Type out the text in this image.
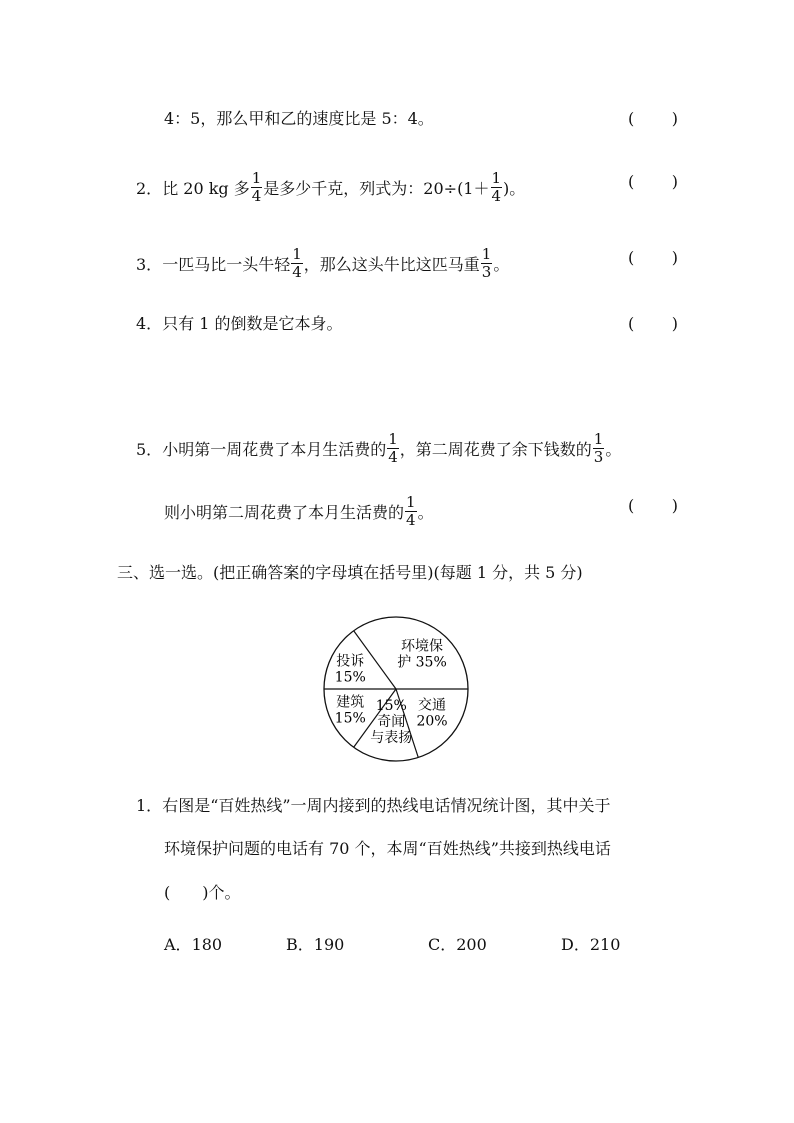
4：5，那么甲和乙的速度比是 5：4。	( )
2．比 20 kg 多 $\frac{1}{4}$ 是多少千克，列式为：$20\div(1+ \frac{1}{4}$ )。	( )
3．一匹马比一头牛轻 $\frac{1}{4}$ ，那么这头牛比这匹马重 $\frac{1}{3}$ 。	( )
4．只有 1 的倒数是它本身。	( )
5．小明第一周花费了本月生活费的 $\frac{1}{4}$ ，第二周花费了余下钱数的 $\frac{1}{3}$ 。
则小明第二周花费了本月生活费的 $\frac{1}{4}$ 。	( )
三、选一选。(把正确答案的字母填在括号里)(每题 1 分，共 5 分)
环境保护 35%
交通 20%
15%奇闻与表扬
建筑 15%
投诉 15%
1．右图是“百姓热线”一周内接到的热线电话情况统计图，其中关于
环境保护问题的电话有 70 个，本周“百姓热线”共接到热线电话
(　　)个。
A．180	B．190	C．200	D．210
